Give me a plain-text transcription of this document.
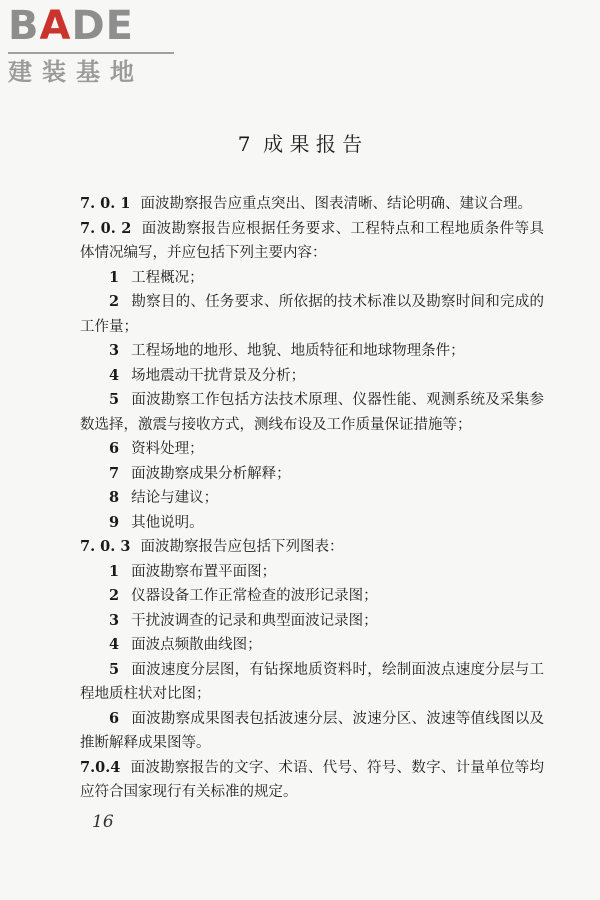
BADE
建装基地
7  成 果 报 告

7. 0. 1 面波勘察报告应重点突出、图表清晰、结论明确、建议合理。

7. 0. 2 面波勘察报告应根据任务要求、工程特点和工程地质条件等具体情况编写，并应包括下列主要内容：

1 工程概况；

2 勘察目的、任务要求、所依据的技术标准以及勘察时间和完成的工作量；

3 工程场地的地形、地貌、地质特征和地球物理条件；

4 场地震动干扰背景及分析；

5 面波勘察工作包括方法技术原理、仪器性能、观测系统及采集参数选择，激震与接收方式，测线布设及工作质量保证措施等；

6 资料处理；

7 面波勘察成果分析解释；

8 结论与建议；

9 其他说明。

7. 0. 3 面波勘察报告应包括下列图表：

1 面波勘察布置平面图；

2 仪器设备工作正常检查的波形记录图；

3 干扰波调查的记录和典型面波记录图；

4 面波点频散曲线图；

5 面波速度分层图，有钻探地质资料时，绘制面波点速度分层与工程地质柱状对比图；

6 面波勘察成果图表包括波速分层、波速分区、波速等值线图以及推断解释成果图等。

7.0.4 面波勘察报告的文字、术语、代号、符号、数字、计量单位等均应符合国家现行有关标准的规定。

16
